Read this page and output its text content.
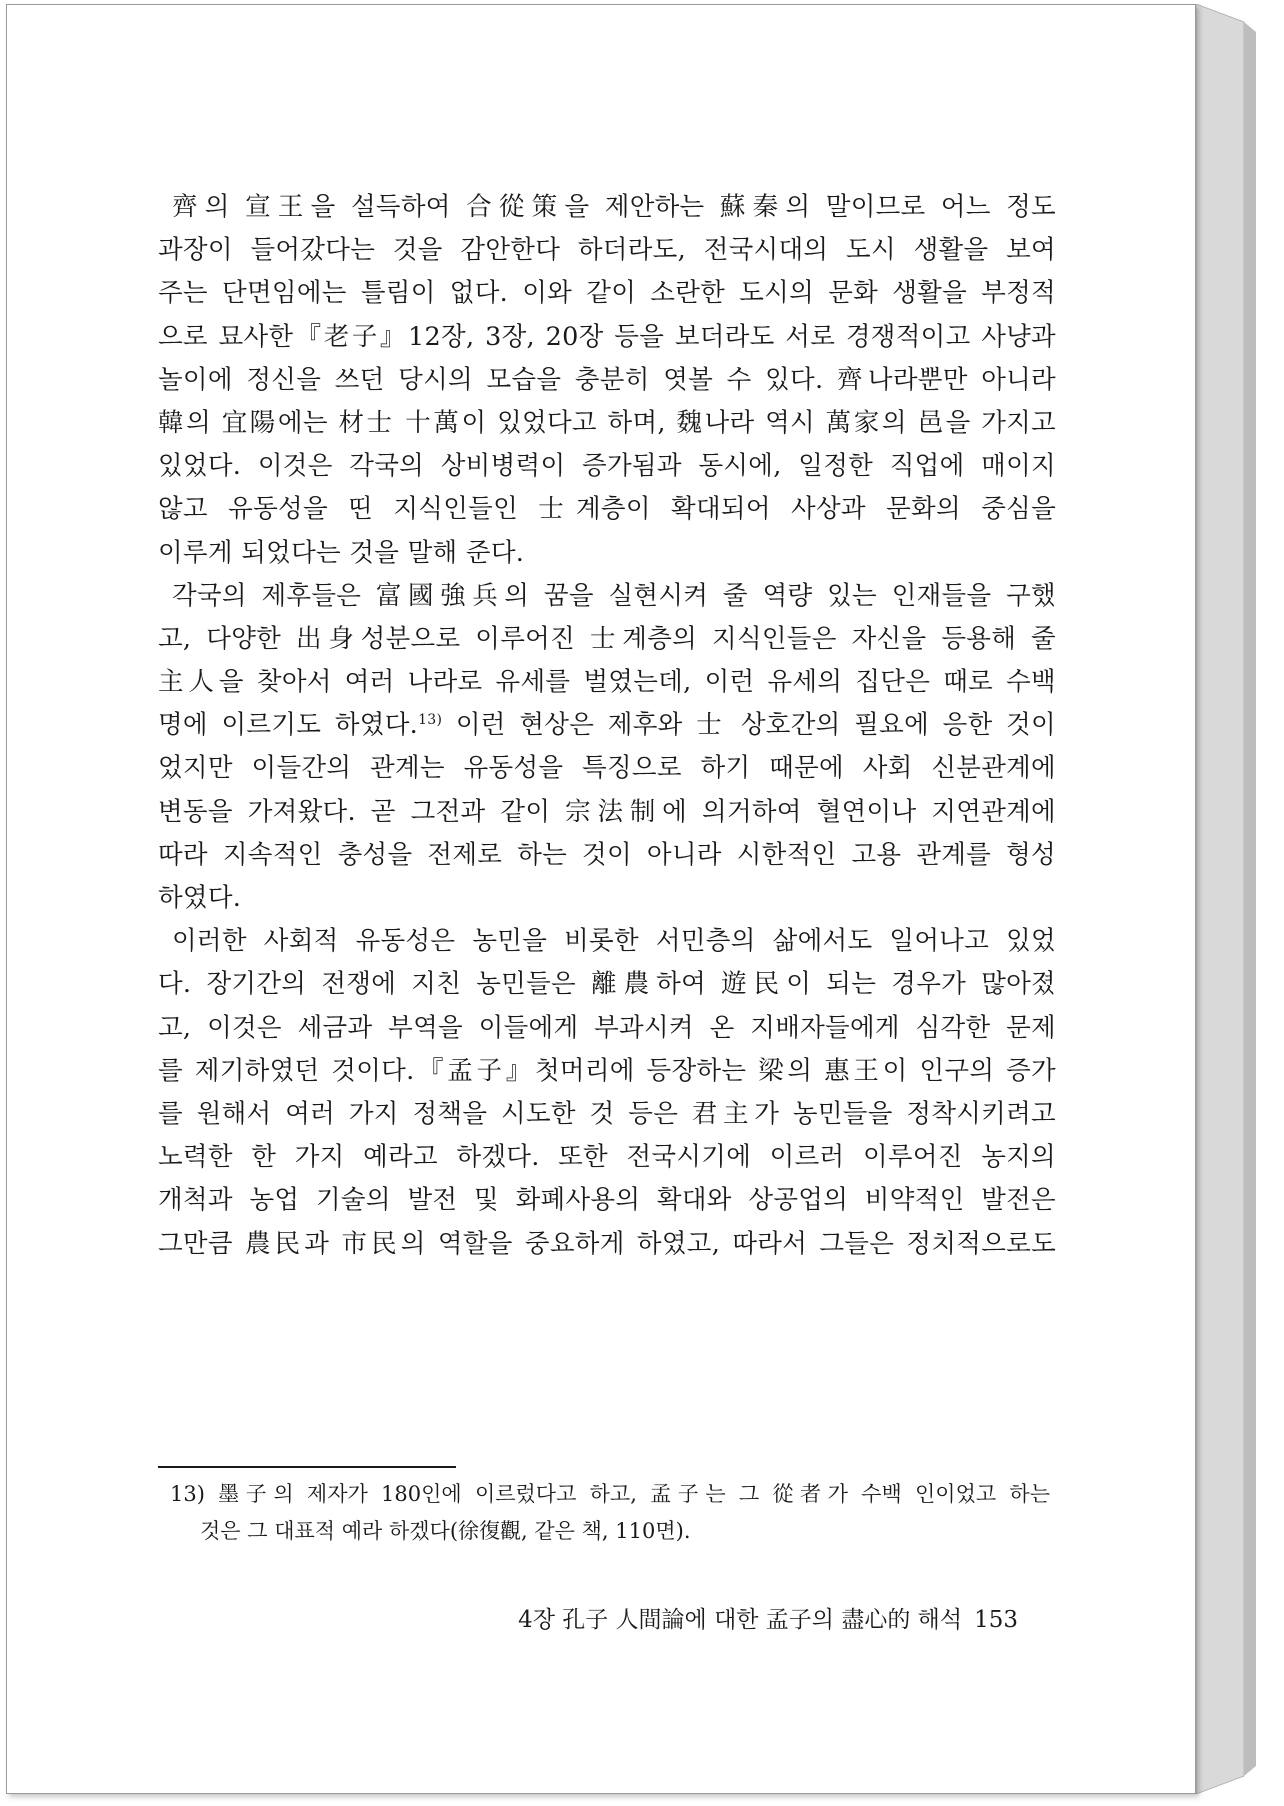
齊의 宣王을 설득하여 合從策을 제안하는 蘇秦의 말이므로 어느 정도
과장이 들어갔다는 것을 감안한다 하더라도, 전국시대의 도시 생활을 보여
주는 단면임에는 틀림이 없다. 이와 같이 소란한 도시의 문화 생활을 부정적
으로 묘사한『老子』12장, 3장, 20장 등을 보더라도 서로 경쟁적이고 사냥과
놀이에 정신을 쓰던 당시의 모습을 충분히 엿볼 수 있다. 齊나라뿐만 아니라
韓의 宜陽에는 材士 十萬이 있었다고 하며, 魏나라 역시 萬家의 邑을 가지고
있었다. 이것은 각국의 상비병력이 증가됨과 동시에, 일정한 직업에 매이지
않고 유동성을 띤 지식인들인 士계층이 확대되어 사상과 문화의 중심을
이루게 되었다는 것을 말해 준다.
각국의 제후들은 富國強兵의 꿈을 실현시켜 줄 역량 있는 인재들을 구했
고, 다양한 出身성분으로 이루어진 士계층의 지식인들은 자신을 등용해 줄
主人을 찾아서 여러 나라로 유세를 벌였는데, 이런 유세의 집단은 때로 수백
명에 이르기도 하였다.$^{13)}$ 이런 현상은 제후와 士 상호간의 필요에 응한 것이
었지만 이들간의 관계는 유동성을 특징으로 하기 때문에 사회 신분관계에
변동을 가져왔다. 곧 그전과 같이 宗法制에 의거하여 혈연이나 지연관계에
따라 지속적인 충성을 전제로 하는 것이 아니라 시한적인 고용 관계를 형성
하였다.
이러한 사회적 유동성은 농민을 비롯한 서민층의 삶에서도 일어나고 있었
다. 장기간의 전쟁에 지친 농민들은 離農하여 遊民이 되는 경우가 많아졌
고, 이것은 세금과 부역을 이들에게 부과시켜 온 지배자들에게 심각한 문제
를 제기하였던 것이다.『孟子』첫머리에 등장하는 梁의 惠王이 인구의 증가
를 원해서 여러 가지 정책을 시도한 것 등은 君主가 농민들을 정착시키려고
노력한 한 가지 예라고 하겠다. 또한 전국시기에 이르러 이루어진 농지의
개척과 농업 기술의 발전 및 화폐사용의 확대와 상공업의 비약적인 발전은
그만큼 農民과 市民의 역할을 중요하게 하였고, 따라서 그들은 정치적으로도
13) 墨子의 제자가 180인에 이르렀다고 하고, 孟子는 그 從者가 수백 인이었고 하는
것은 그 대표적 예라 하겠다(徐復觀, 같은 책, 110면).
4장 孔子 人間論에 대한 孟子의 盡心的 해석 153
